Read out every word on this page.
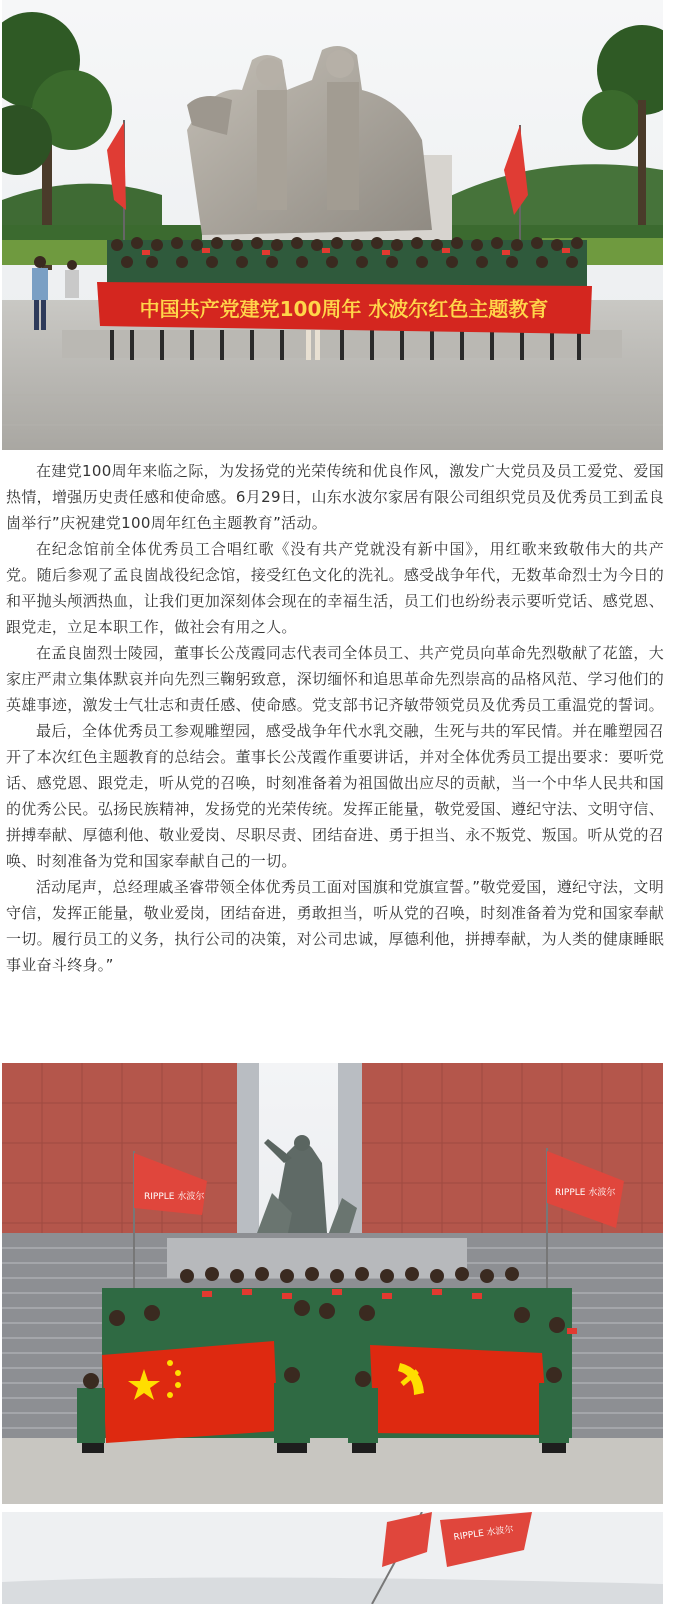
中国共产党建党100周年 水波尔红色主题教育

在建党100周年来临之际，为发扬党的光荣传统和优良作风，激发广大党员及员工爱党、爱国热情，增强历史责任感和使命感。6月29日，山东水波尔家居有限公司组织党员及优秀员工到孟良崮举行”庆祝建党100周年红色主题教育”活动。

在纪念馆前全体优秀员工合唱红歌《没有共产党就没有新中国》，用红歌来致敬伟大的共产党。随后参观了孟良崮战役纪念馆，接受红色文化的洗礼。感受战争年代，无数革命烈士为今日的和平抛头颅洒热血，让我们更加深刻体会现在的幸福生活，员工们也纷纷表示要听党话、感党恩、跟党走，立足本职工作，做社会有用之人。

在孟良崮烈士陵园，董事长公茂霞同志代表司全体员工、共产党员向革命先烈敬献了花篮，大家庄严肃立集体默哀并向先烈三鞠躬致意，深切缅怀和追思革命先烈崇高的品格风范、学习他们的英雄事迹，激发士气壮志和责任感、使命感。党支部书记齐敏带领党员及优秀员工重温党的誓词。

最后，全体优秀员工参观雕塑园，感受战争年代水乳交融，生死与共的军民情。并在雕塑园召开了本次红色主题教育的总结会。董事长公茂霞作重要讲话，并对全体优秀员工提出要求：要听党话、感党恩、跟党走，听从党的召唤，时刻准备着为祖国做出应尽的贡献，当一个中华人民共和国的优秀公民。弘扬民族精神，发扬党的光荣传统。发挥正能量，敬党爱国、遵纪守法、文明守信、拼搏奉献、厚德利他、敬业爱岗、尽职尽责、团结奋进、勇于担当、永不叛党、叛国。听从党的召唤、时刻准备为党和国家奉献自己的一切。

活动尾声，总经理戚圣睿带领全体优秀员工面对国旗和党旗宣誓。”敬党爱国，遵纪守法，文明守信，发挥正能量，敬业爱岗，团结奋进，勇敢担当，听从党的召唤，时刻准备着为党和国家奉献一切。履行员工的义务，执行公司的决策，对公司忠诚，厚德利他，拼搏奉献，为人类的健康睡眠事业奋斗终身。”

RIPPLE 水波尔	RIPPLE 水波尔
RIPPLE 水波尔
